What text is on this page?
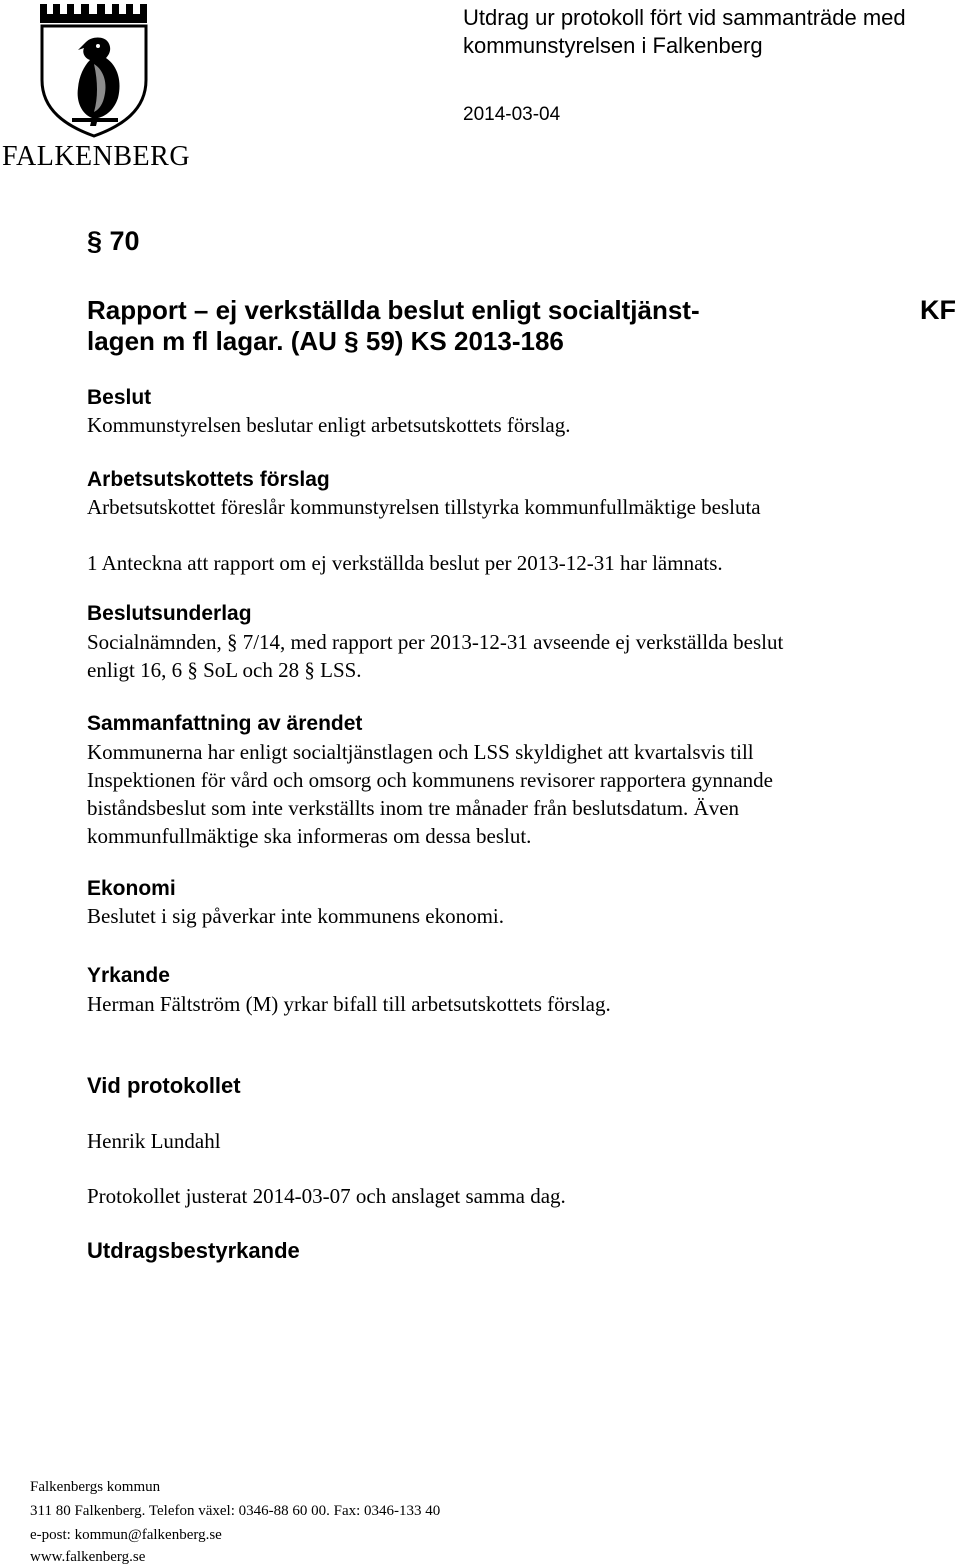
FALKENBERG
Utdrag ur protokoll fört vid sammanträde med
kommunstyrelsen i Falkenberg
2014-03-04
§ 70
Rapport – ej verkställda beslut enligt socialtjänst-
lagen m fl lagar. (AU § 59) KS 2013-186
KF
Beslut
Kommunstyrelsen beslutar enligt arbetsutskottets förslag.
Arbetsutskottets förslag
Arbetsutskottet föreslår kommunstyrelsen tillstyrka kommunfullmäktige besluta
1 Anteckna att rapport om ej verkställda beslut per 2013-12-31 har lämnats.
Beslutsunderlag
Socialnämnden, § 7/14, med rapport per 2013-12-31 avseende ej verkställda beslut
enligt 16, 6 § SoL och 28 § LSS.
Sammanfattning av ärendet
Kommunerna har enligt socialtjänstlagen och LSS skyldighet att kvartalsvis till
Inspektionen för vård och omsorg och kommunens revisorer rapportera gynnande
biståndsbeslut som inte verkställts inom tre månader från beslutsdatum. Även
kommunfullmäktige ska informeras om dessa beslut.
Ekonomi
Beslutet i sig påverkar inte kommunens ekonomi.
Yrkande
Herman Fältström (M) yrkar bifall till arbetsutskottets förslag.
Vid protokollet
Henrik Lundahl
Protokollet justerat 2014-03-07 och anslaget samma dag.
Utdragsbestyrkande
Falkenbergs kommun
311 80 Falkenberg. Telefon växel: 0346-88 60 00. Fax: 0346-133 40
e-post: kommun@falkenberg.se
www.falkenberg.se
